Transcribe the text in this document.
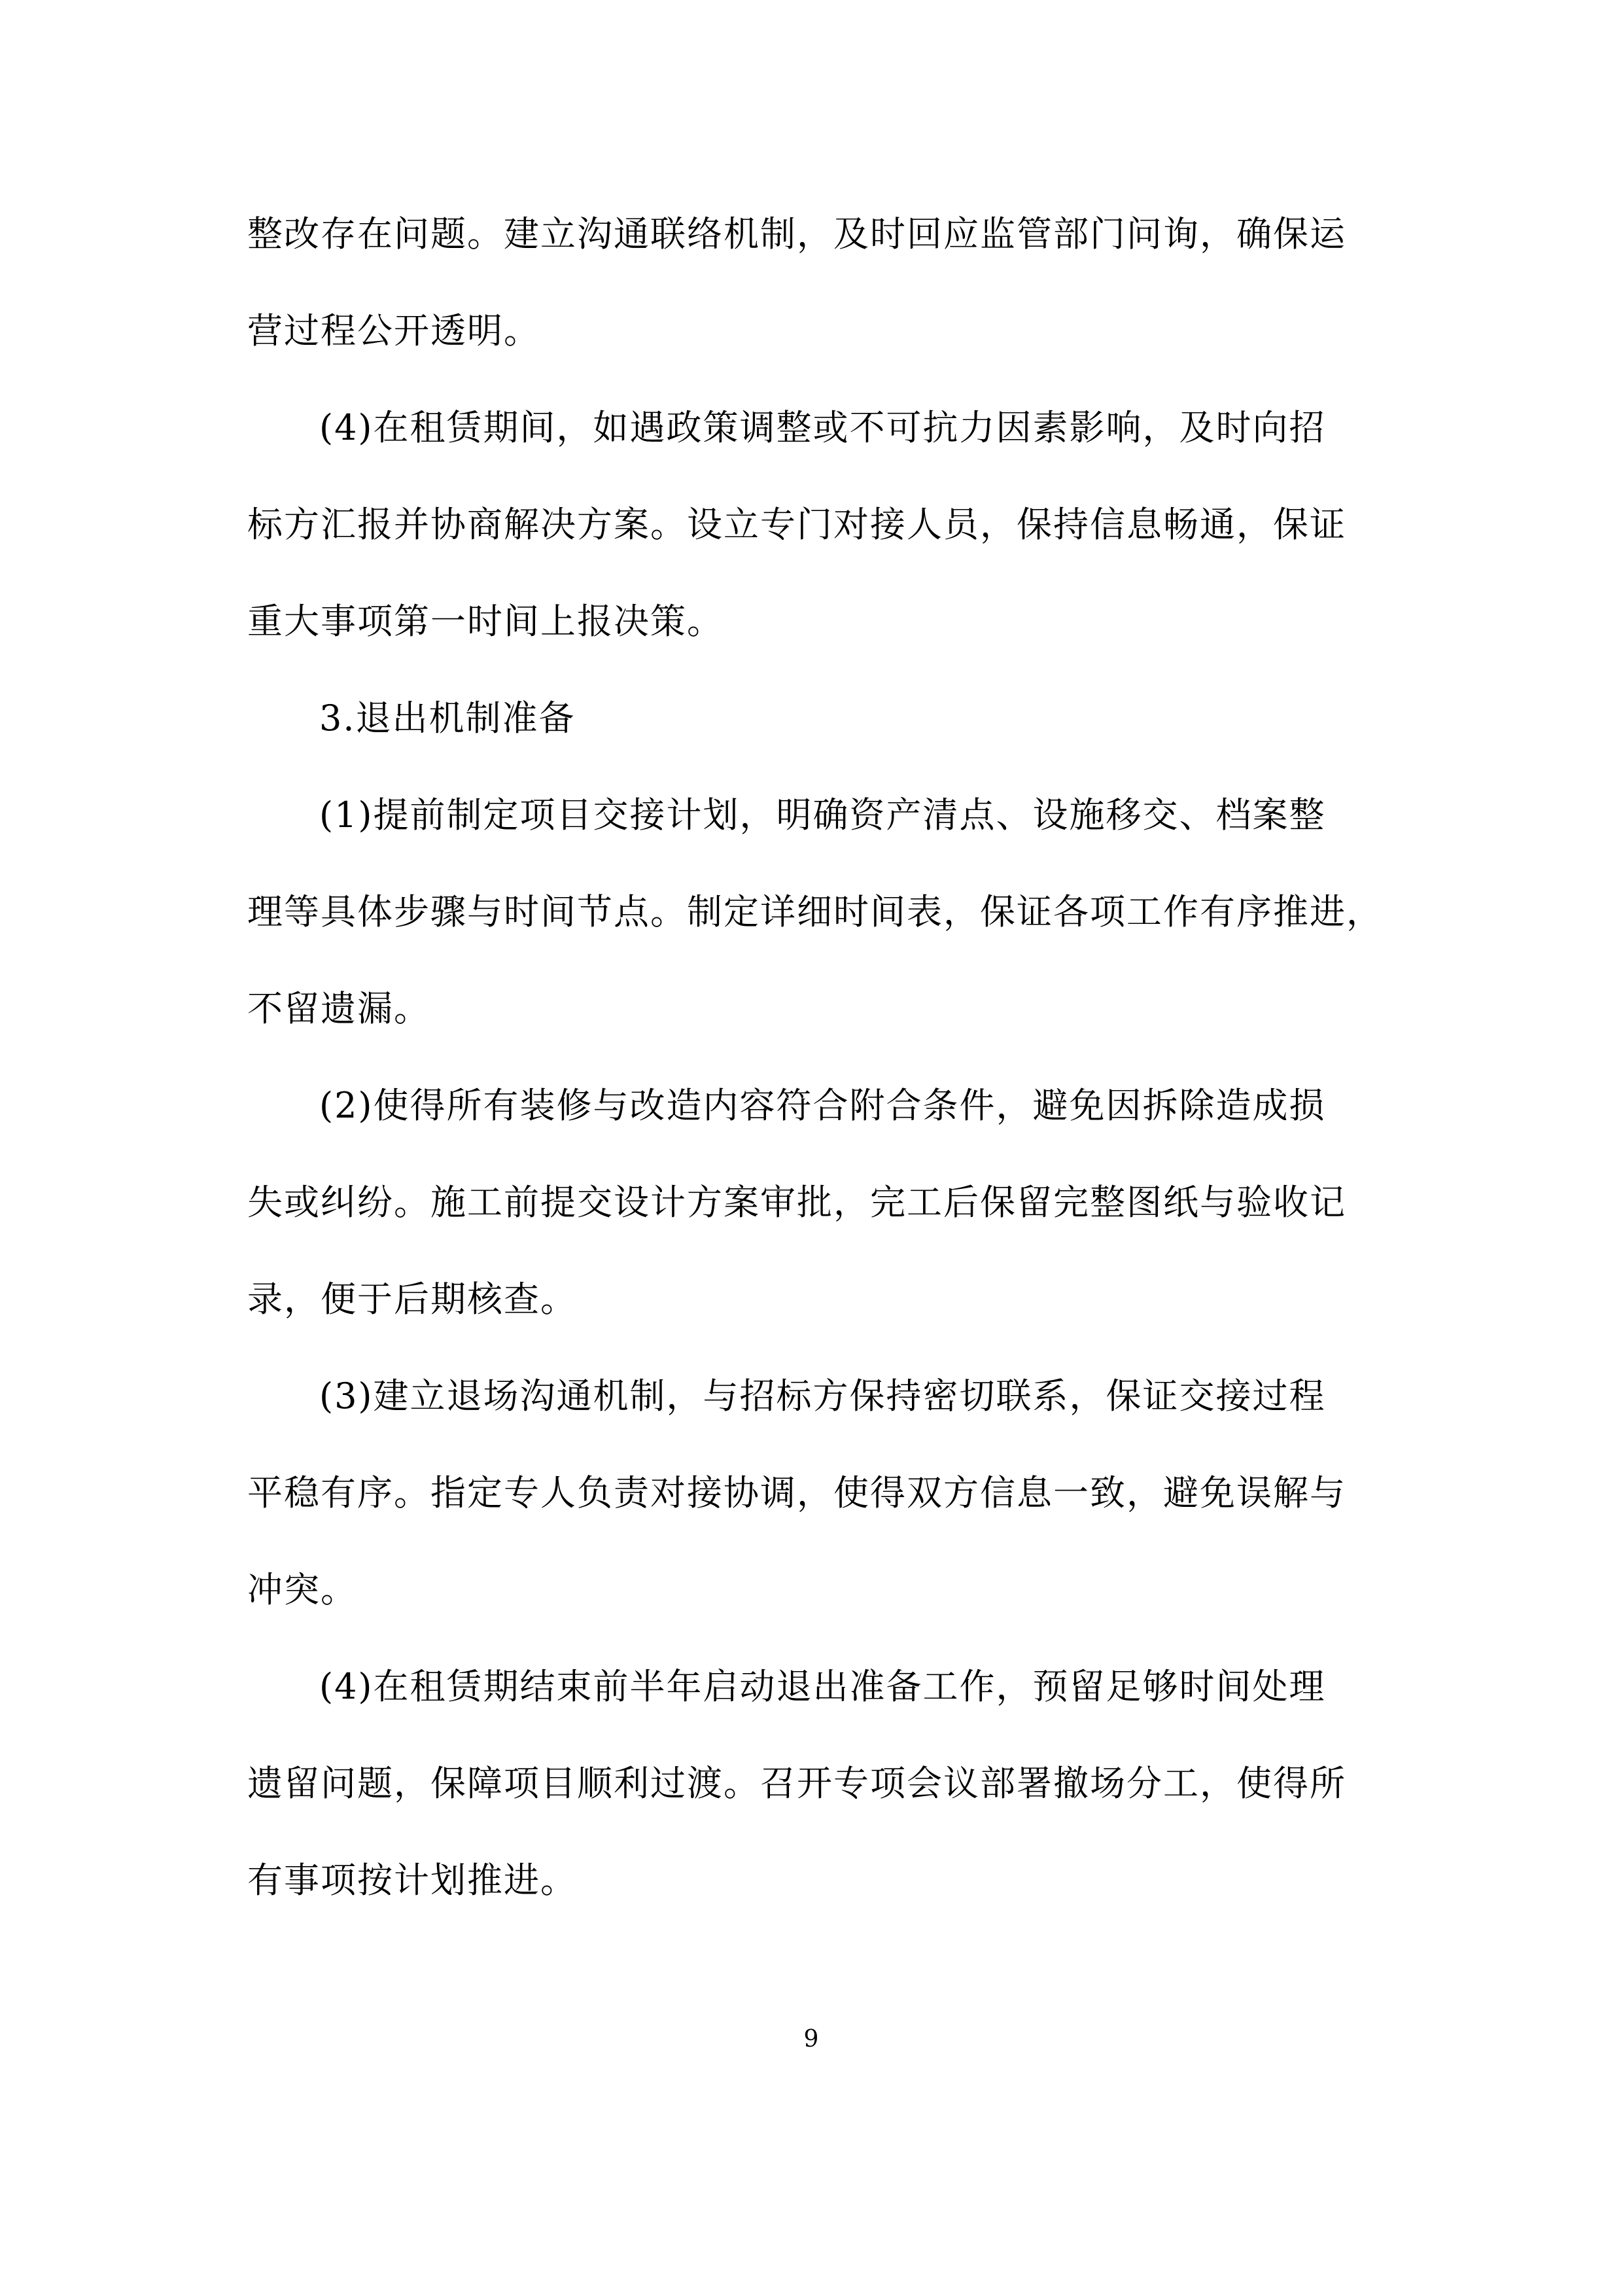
整改存在问题。建立沟通联络机制，及时回应监管部门问询，确保运
营过程公开透明。
(4)在租赁期间，如遇政策调整或不可抗力因素影响，及时向招
标方汇报并协商解决方案。设立专门对接人员，保持信息畅通，保证
重大事项第一时间上报决策。
3.退出机制准备
(1)提前制定项目交接计划，明确资产清点、设施移交、档案整
理等具体步骤与时间节点。制定详细时间表，保证各项工作有序推进，
不留遗漏。
(2)使得所有装修与改造内容符合附合条件，避免因拆除造成损
失或纠纷。施工前提交设计方案审批，完工后保留完整图纸与验收记
录，便于后期核查。
(3)建立退场沟通机制，与招标方保持密切联系，保证交接过程
平稳有序。指定专人负责对接协调，使得双方信息一致，避免误解与
冲突。
(4)在租赁期结束前半年启动退出准备工作，预留足够时间处理
遗留问题，保障项目顺利过渡。召开专项会议部署撤场分工，使得所
有事项按计划推进。
9
